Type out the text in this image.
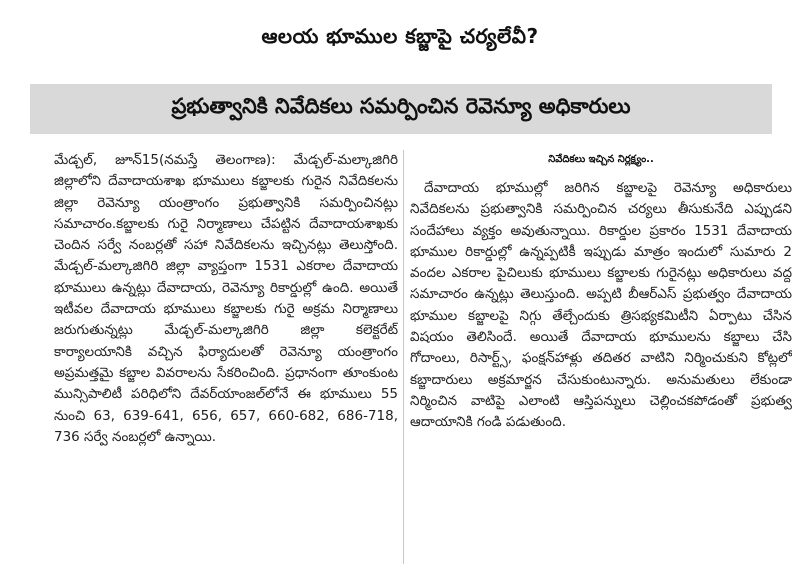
ఆలయ భూముల కబ్జాపై చర్యలేవీ?
ప్రభుత్వానికి నివేదికలు సమర్పించిన రెవెన్యూ అధికారులు

మేడ్చల్, జూన్15(నమస్తే తెలంగాణ): మేడ్చల్-మల్కాజిగిరి జిల్లాలోని దేవాదాయశాఖ భూములు కబ్జాలకు గురైన నివేదికలను జిల్లా రెవెన్యూ యంత్రాంగం ప్రభుత్వానికి సమర్పించినట్లు సమాచారం.కబ్జాలకు గురై నిర్మాణాలు చేపట్టిన దేవాదాయశాఖకు చెందిన సర్వే నంబర్లతో సహా నివేదికలను ఇచ్చినట్లు తెలుస్తోంది. మేడ్చల్-మల్కాజిగిరి జిల్లా వ్యాప్తంగా 1531 ఎకరాల దేవాదాయ భూములు ఉన్నట్లు దేవాదాయ, రెవెన్యూ రికార్డుల్లో ఉంది. అయితే ఇటీవల దేవాదాయ భూములు కబ్జాలకు గురై అక్రమ నిర్మాణాలు జరుగుతున్నట్లు మేడ్చల్-మల్కాజిగిరి జిల్లా కలెక్టరేట్ కార్యాలయానికి వచ్చిన ఫిర్యాదులతో రెవెన్యూ యంత్రాంగం అప్రమత్తమై కబ్జాల వివరాలను సేకరించింది. ప్రధానంగా తూంకుంట మున్సిపాలిటీ పరిధిలోని దేవర్‌యాంజల్‌లోనే ఈ భూములు 55 నుంచి 63, 639-641, 656, 657, 660-682, 686-718, 736 సర్వే నంబర్లలో ఉన్నాయి.

నివేదికలు ఇచ్చిన నిర్లక్ష్యం..

దేవాదాయ భూముల్లో జరిగిన కబ్జాలపై రెవెన్యూ అధికారులు నివేదికలను ప్రభుత్వానికి సమర్పించిన చర్యలు తీసుకునేది ఎప్పుడని సందేహాలు వ్యక్తం అవుతున్నాయి. రికార్డుల ప్రకారం 1531 దేవాదాయ భూముల రికార్డుల్లో ఉన్నప్పటికీ ఇప్పుడు మాత్రం ఇందులో సుమారు 2 వందల ఎకరాల పైచిలుకు భూములు కబ్జాలకు గురైనట్లు అధికారులు వద్ద సమాచారం ఉన్నట్లు తెలుస్తుంది. అప్పటి బీఆర్‌ఎస్ ప్రభుత్వం దేవాదాయ భూముల కబ్జాలపై నిగ్గు తేల్చేందుకు త్రిసభ్యకమిటీని ఏర్పాటు చేసిన విషయం తెలిసిందే. అయితే దేవాదాయ భూములను కబ్జాలు చేసి గోదాంలు, రిసార్ట్స్, ఫంక్షన్‌హాళ్లు తదితర వాటిని నిర్మించుకుని కోట్లలో కబ్జాదారులు అక్రమార్జన చేసుకుంటున్నారు. అనుమతులు లేకుండా నిర్మించిన వాటిపై ఎలాంటి ఆస్తిపన్నులు చెల్లించకపోడంతో ప్రభుత్వ ఆదాయానికి గండి పడుతుంది.
